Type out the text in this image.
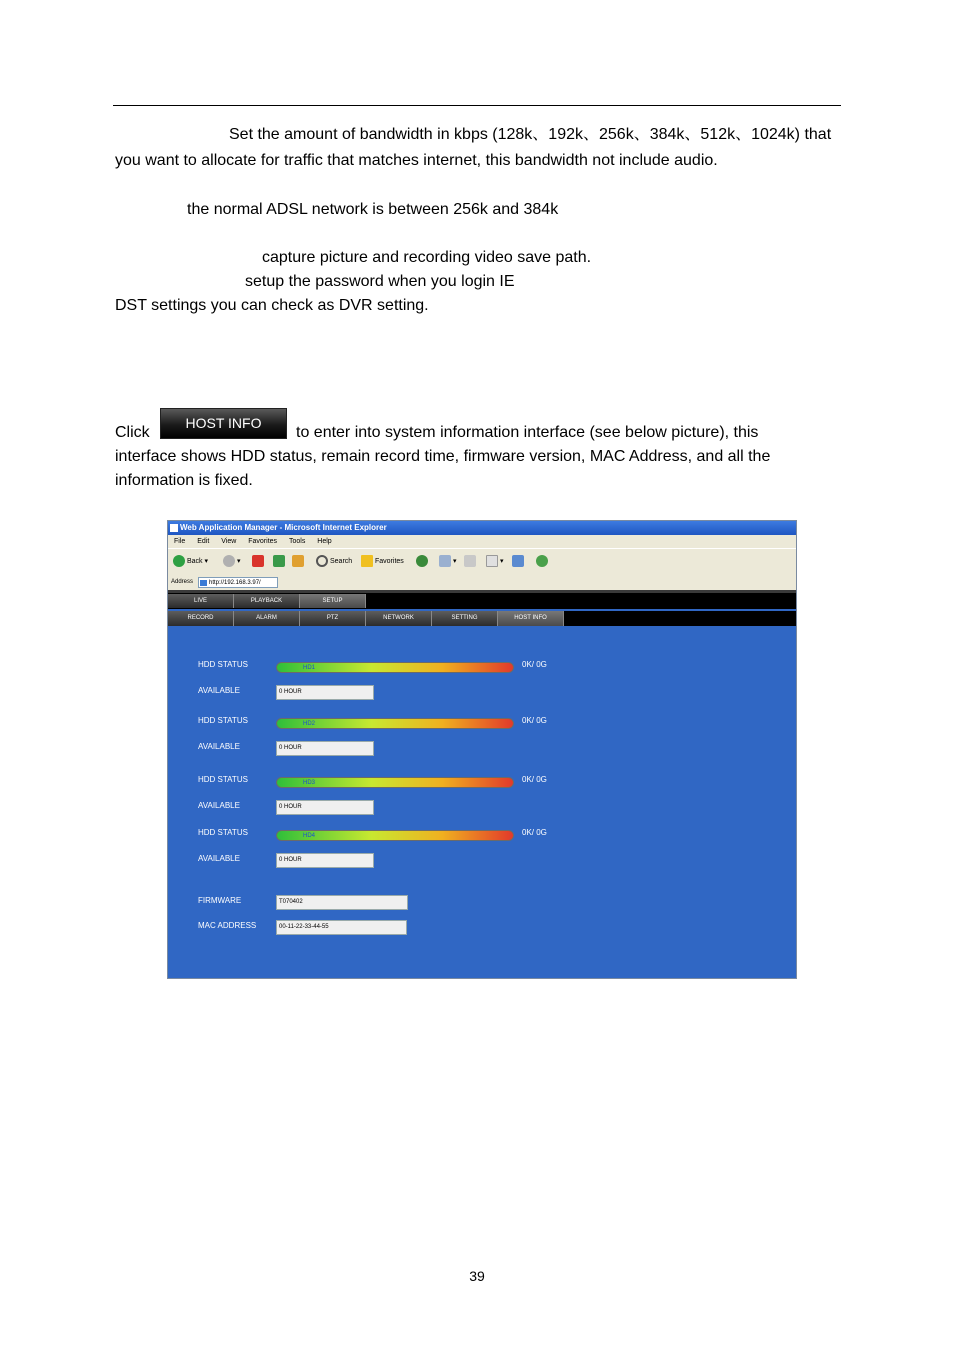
Set the amount of bandwidth in kbps (128k、192k、256k、384k、512k、1024k) that
you want to allocate for traffic that matches internet, this bandwidth not include audio.
the normal ADSL network is between 256k and 384k
capture picture and recording video save path.
setup the password when you login IE
DST settings you can check as DVR setting.
Click
HOST INFO
to enter into system information interface (see below picture), this
interface shows HDD status, remain record time, firmware version, MAC Address, and all the
information is fixed.
Web Application Manager - Microsoft Internet Explorer
File Edit View Favorites Tools Help
Back ▾	▾	Search	Favorites	▾	▾
Address	http://192.168.3.97/
LIVE	PLAYBACK	SETUP
RECORD	ALARM	PTZ	NETWORK	SETTING	HOST INFO
HDD STATUS	HD1	0K/ 0G
AVAILABLE	0 HOUR
HDD STATUS	HD2	0K/ 0G
AVAILABLE	0 HOUR
HDD STATUS	HD3	0K/ 0G
AVAILABLE	0 HOUR
HDD STATUS	HD4	0K/ 0G
AVAILABLE	0 HOUR
FIRMWARE	T070402
MAC ADDRESS	00-11-22-33-44-55
39
